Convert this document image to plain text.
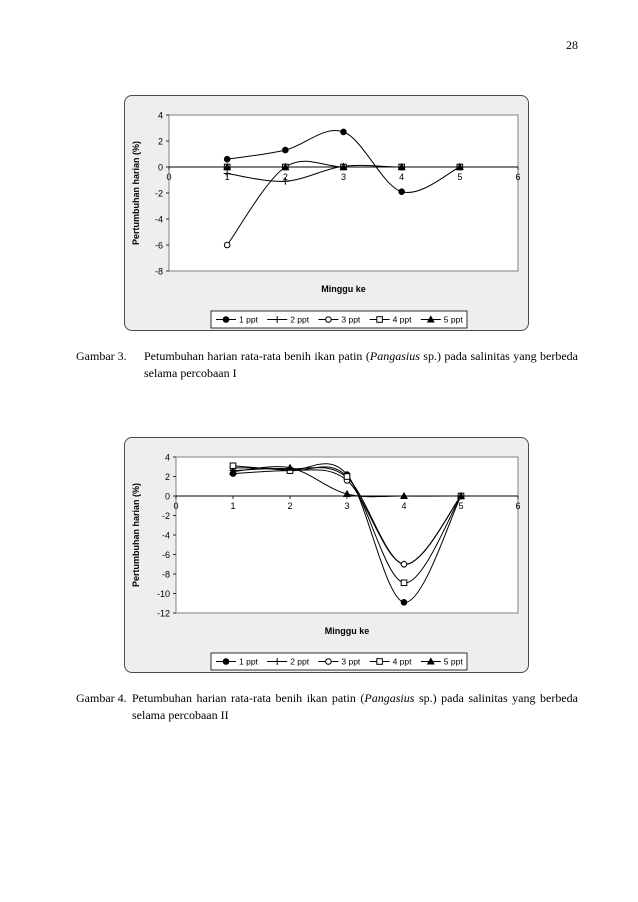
28
4
2
0
-2
-4
-6
-8
0	1	2	3	4	5	6
Minggu ke
Pertumbuhan harian (%)
1 ppt	2 ppt	3 ppt	4 ppt	5 ppt
Gambar 3.	Petumbuhan harian rata-rata benih ikan patin (Pangasius sp.) pada salinitas yang berbeda selama percobaan I
4
2
0
-2
-4
-6
-8
-10
-12
0	1	2	3	4	5	6
Minggu ke
Pertumbuhan harian (%)
1 ppt	2 ppt	3 ppt	4 ppt	5 ppt
Gambar 4. Petumbuhan harian rata-rata benih ikan patin (Pangasius sp.) pada salinitas yang berbeda selama percobaan II
